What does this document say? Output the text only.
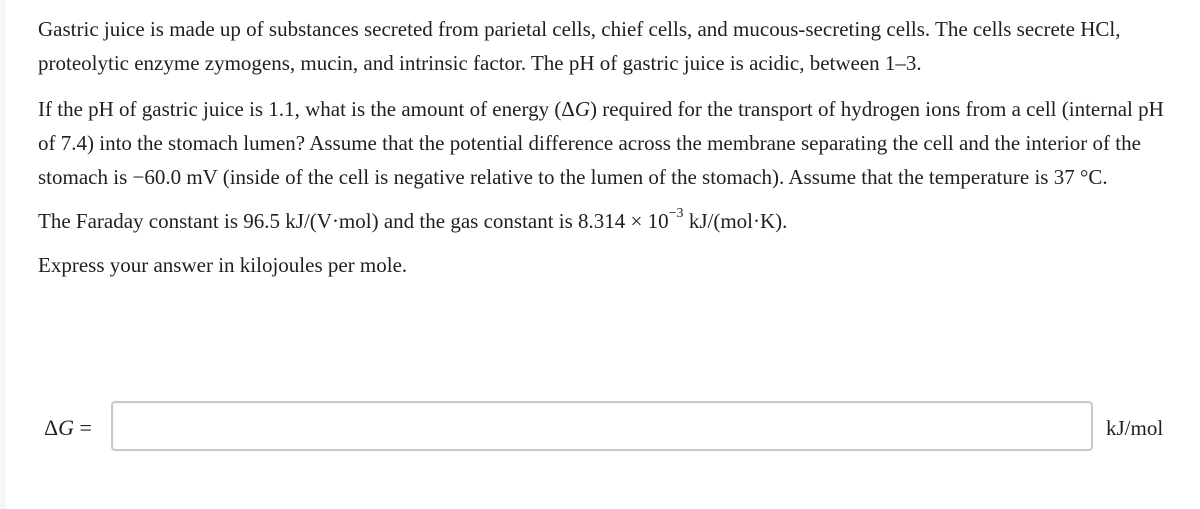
Gastric juice is made up of substances secreted from parietal cells, chief cells, and mucous-secreting cells. The cells secrete HCl, proteolytic enzyme zymogens, mucin, and intrinsic factor. The pH of gastric juice is acidic, between 1–3.

If the pH of gastric juice is 1.1, what is the amount of energy (ΔG) required for the transport of hydrogen ions from a cell (internal pH of 7.4) into the stomach lumen? Assume that the potential difference across the membrane separating the cell and the interior of the stomach is −60.0 mV (inside of the cell is negative relative to the lumen of the stomach). Assume that the temperature is 37 °C.

The Faraday constant is 96.5 kJ/(V·mol) and the gas constant is $8.314 \times 10^{-3}$ kJ/(mol·K).

Express your answer in kilojoules per mole.

ΔG =	kJ/mol
